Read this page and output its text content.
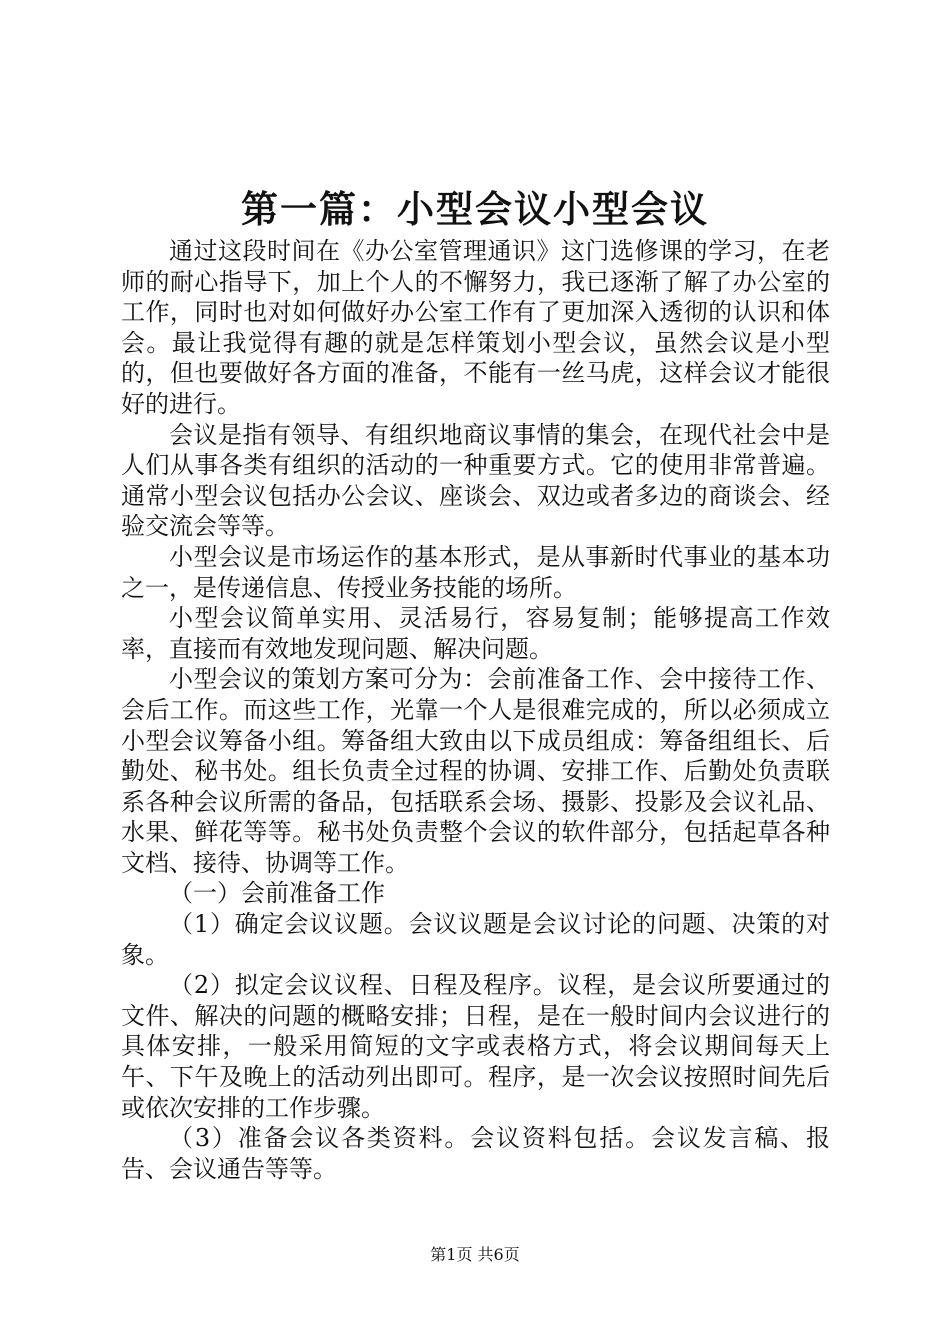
第一篇：小型会议小型会议

通过这段时间在《办公室管理通识》这门选修课的学习，在老师的耐心指导下，加上个人的不懈努力，我已逐渐了解了办公室的工作，同时也对如何做好办公室工作有了更加深入透彻的认识和体会。最让我觉得有趣的就是怎样策划小型会议，虽然会议是小型的，但也要做好各方面的准备，不能有一丝马虎，这样会议才能很好的进行。

会议是指有领导、有组织地商议事情的集会，在现代社会中是人们从事各类有组织的活动的一种重要方式。它的使用非常普遍。通常小型会议包括办公会议、座谈会、双边或者多边的商谈会、经验交流会等等。

小型会议是市场运作的基本形式，是从事新时代事业的基本功之一，是传递信息、传授业务技能的场所。

小型会议简单实用、灵活易行，容易复制；能够提高工作效率，直接而有效地发现问题、解决问题。

小型会议的策划方案可分为：会前准备工作、会中接待工作、会后工作。而这些工作，光靠一个人是很难完成的，所以必须成立小型会议筹备小组。筹备组大致由以下成员组成：筹备组组长、后勤处、秘书处。组长负责全过程的协调、安排工作、后勤处负责联系各种会议所需的备品，包括联系会场、摄影、投影及会议礼品、水果、鲜花等等。秘书处负责整个会议的软件部分，包括起草各种文档、接待、协调等工作。

（一）会前准备工作

（1）确定会议议题。会议议题是会议讨论的问题、决策的对象。

（2）拟定会议议程、日程及程序。议程，是会议所要通过的文件、解决的问题的概略安排；日程，是在一般时间内会议进行的具体安排，一般采用简短的文字或表格方式，将会议期间每天上午、下午及晚上的活动列出即可。程序，是一次会议按照时间先后或依次安排的工作步骤。

（3）准备会议各类资料。会议资料包括。会议发言稿、报告、会议通告等等。

第1页 共6页
